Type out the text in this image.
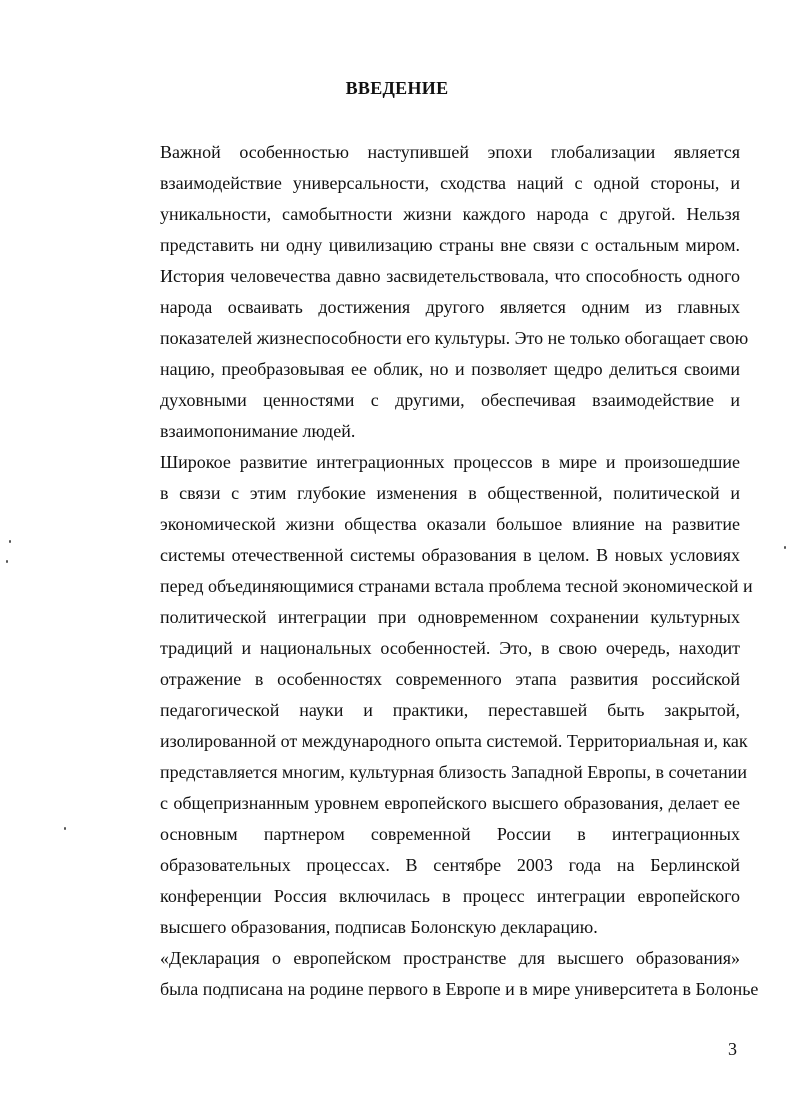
ВВЕДЕНИЕ
Важной особенностью наступившей эпохи глобализации является
взаимодействие универсальности, сходства наций с одной стороны, и
уникальности, самобытности жизни каждого народа с другой. Нельзя
представить ни одну цивилизацию страны вне связи с остальным миром.
История человечества давно засвидетельствовала, что способность одного
народа осваивать достижения другого является одним из главных
показателей жизнеспособности его культуры. Это не только обогащает свою
нацию, преобразовывая ее облик, но и позволяет щедро делиться своими
духовными ценностями с другими, обеспечивая взаимодействие и
взаимопонимание людей.
Широкое развитие интеграционных процессов в мире и произошедшие
в связи с этим глубокие изменения в общественной, политической и
экономической жизни общества оказали большое влияние на развитие
системы отечественной системы образования в целом. В новых условиях
перед объединяющимися странами встала проблема тесной экономической и
политической интеграции при одновременном сохранении культурных
традиций и национальных особенностей. Это, в свою очередь, находит
отражение в особенностях современного этапа развития российской
педагогической науки и практики, переставшей быть закрытой,
изолированной от международного опыта системой. Территориальная и, как
представляется многим, культурная близость Западной Европы, в сочетании
с общепризнанным уровнем европейского высшего образования, делает ее
основным партнером современной России в интеграционных
образовательных процессах. В сентябре 2003 года на Берлинской
конференции Россия включилась в процесс интеграции европейского
высшего образования, подписав Болонскую декларацию.
«Декларация о европейском пространстве для высшего образования»
была подписана на родине первого в Европе и в мире университета в Болонье
3
